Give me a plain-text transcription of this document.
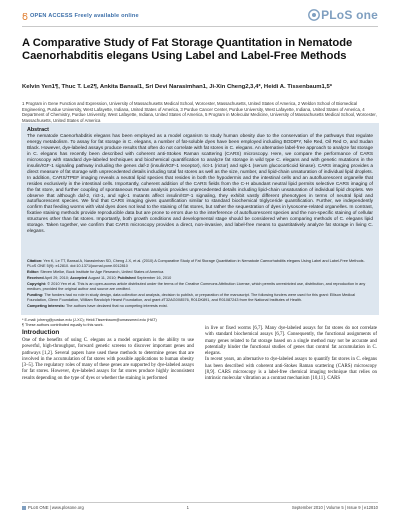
OPEN ACCESS Freely available online	PLoS one
A Comparative Study of Fat Storage Quantitation in Nematode Caenorhabditis elegans Using Label and Label-Free Methods
Kelvin Yen1¶, Thuc T. Le2¶, Ankita Bansal1, Sri Devi Narasimhan1, Ji-Xin Cheng2,3,4*, Heidi A. Tissenbaum1,5*
1 Program in Gene Function and Expression, University of Massachusetts Medical School, Worcester, Massachusetts, United States of America, 2 Weldon School of Biomedical Engineering, Purdue University, West Lafayette, Indiana, United States of America, 3 Purdue Cancer Center, Purdue University, West Lafayette, Indiana, United States of America, 4 Department of Chemistry, Purdue University, West Lafayette, Indiana, United States of America, 5 Program in Molecular Medicine, University of Massachusetts Medical School, Worcester, Massachusetts, United States of America
Abstract
The nematode Caenorhabditis elegans has been employed as a model organism to study human obesity due to the conservation of the pathways that regulate energy metabolism. To assay for fat storage in C. elegans, a number of fat-soluble dyes have been employed including BODIPY, Nile Red, Oil Red O, and Sudan Black. However, dye-labeled assays produce results that often do not correlate with fat stores in C. elegans. An alternative label-free approach to analyze fat storage in C. elegans has recently been described with coherent anti-Stokes Raman scattering (CARS) microscopy. Here, we compare the performance of CARS microscopy with standard dye-labeled techniques and biochemical quantification to analyze fat storage in wild type C. elegans and with genetic mutations in the insulin/IGF-1 signaling pathway including the genes daf-2 (insulin/IGF-1 receptor), rict-1 (rictor) and sgk-1 (serum glucocorticoid kinase). CARS imaging provides a direct measure of fat storage with unprecedented details including total fat stores as well as the size, number, and lipid-chain unsaturation of individual lipid droplets. In addition, CARS/TPEF imaging reveals a neutral lipid species that resides in both the hypodermis and the intestinal cells and an autofluorescent organelle that resides exclusively in the intestinal cells. Importantly, coherent addition of the CARS fields from the C-H abundant neutral lipid permits selective CARS imaging of the fat store, and further coupling of spontaneous Raman analysis provides unprecedented details including lipid-chain unsaturation of individual lipid droplets. We observe that although daf-2, rict-1, and sgk-1 mutants affect insulin/IGF-1 signaling, they exhibit vastly different phenotypes in terms of neutral lipid and autofluorescent species. We find that CARS imaging gives quantification similar to standard biochemical triglyceride quantification. Further, we independently confirm that feeding worms with vital dyes does not lead to the staining of fat stores, but rather the sequestration of dyes in lysosome-related organelles. In contrast, fixative staining methods provide reproducible data but are prone to errors due to the interference of autofluorescent species and the non-specific staining of cellular structures other than fat stores. Importantly, both growth conditions and developmental stage should be considered when comparing methods of C. elegans lipid storage. Taken together, we confirm that CARS microscopy provides a direct, non-invasive, and label-free means to quantitatively analyze fat storage in living C. elegans.
Citation: Yen K, Le TT, Bansal A, Narasimhan SD, Cheng J-X, et al. (2010) A Comparative Study of Fat Storage Quantitation in Nematode Caenorhabditis elegans Using Label and Label-Free Methods. PLoS ONE 5(9): e12810. doi:10.1371/journal.pone.0012810
Editor: Steven Mielke, Buck Institute for Age Research, United States of America
Received April 29, 2010; Accepted August 11, 2010; Published September 16, 2010
Copyright: © 2010 Yen et al. This is an open-access article distributed under the terms of the Creative Commons Attribution License, which permits unrestricted use, distribution, and reproduction in any medium, provided the original author and source are credited.
Funding: The funders had no role in study design, data collection and analysis, decision to publish, or preparation of the manuscript. The following funders were used for this grant: Ellison Medical Foundation, Glenn Foundation, William Randolph Hearst Foundation, and grant #T32AG0X8576, R01DK891, and R01087243 from the National Institutes of Health.
Competing Interests: The authors have declared that no competing interests exist.
* E-mail: jcheng@purdue.edu (J-XC); Heidi.Tissenbaum@umassmed.edu (HAT)
¶ These authors contributed equally to this work.
Introduction
One of the benefits of using C. elegans as a model organism is the ability to use powerful, high-throughput, forward genetic screens to discover important genes and pathways [1,2]. Several papers have used these methods to determine genes that are involved in the accumulation of fat stores with possible applications to human obesity [3–5]. The regulatory roles of many of these genes are supported by dye-labeled assays for fat stores. However, dye-labeled assays for fat stores produce highly inconsistent results depending on the type of dyes or whether the staining is performed
in live or fixed worms [6,7]. Many dye-labeled assays for fat stores do not correlate with standard biochemical assays [6,7]. Consequently, the functional assignments of many genes related to fat storage based on a single method may not be accurate and potentially hinder the functional studies of genes that control fat accumulation in C. elegans.
In recent years, an alternative to dye-labeled assays to quantify fat stores in C. elegans has been described with coherent anti-Stokes Raman scattering (CARS) microscopy [8,9]. CARS microscopy is a label-free chemical imaging technique that relies on intrinsic molecular vibration as a contrast mechanism [10,11]. CARS
PLoS ONE | www.plosone.org	1	September 2010 | Volume 5 | Issue 9 | e12810
